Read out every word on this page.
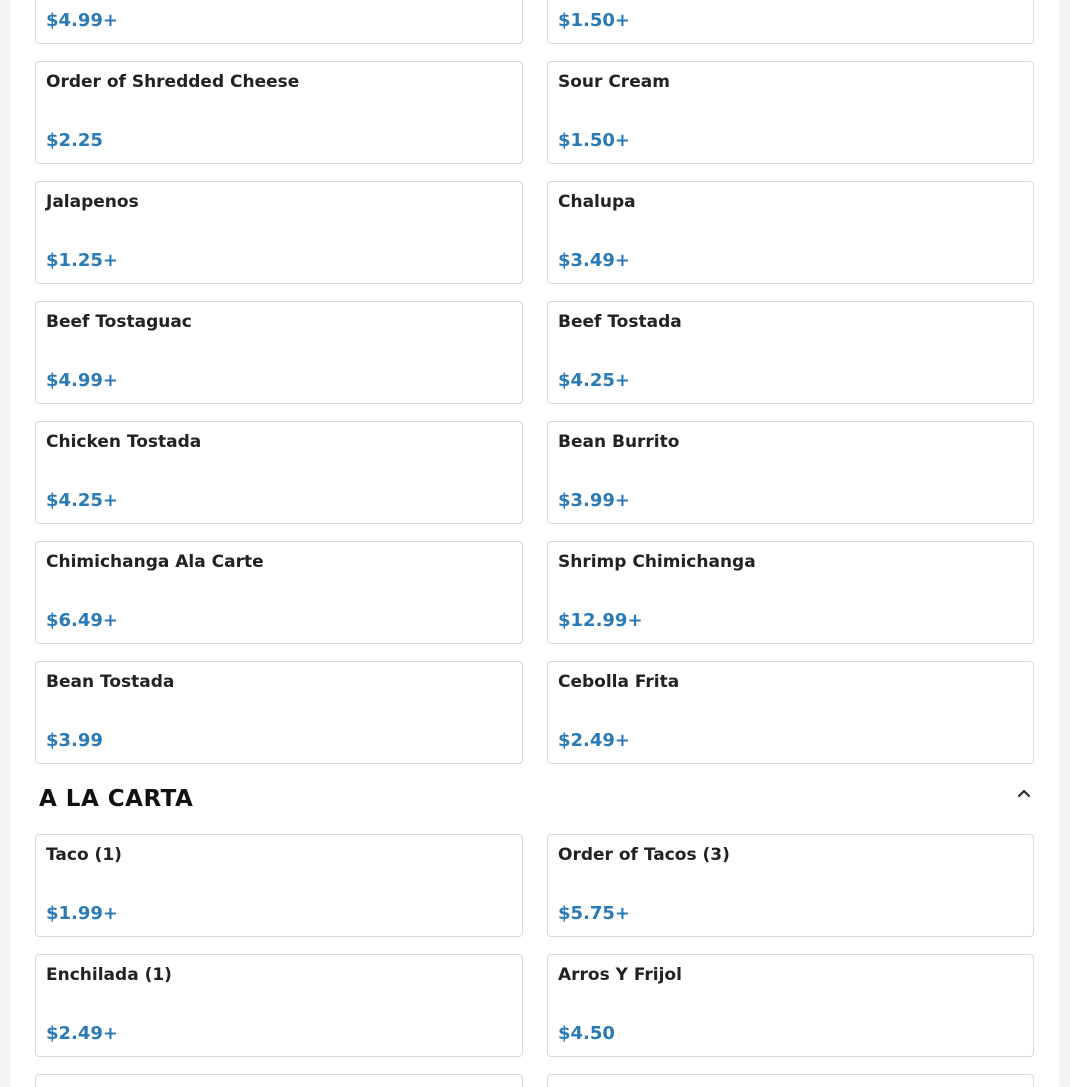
$4.99+	$1.50+
Order of Shredded Cheese
$2.25
Sour Cream
$1.50+
Jalapenos
$1.25+
Chalupa
$3.49+
Beef Tostaguac
$4.99+
Beef Tostada
$4.25+
Chicken Tostada
$4.25+
Bean Burrito
$3.99+
Chimichanga Ala Carte
$6.49+
Shrimp Chimichanga
$12.99+
Bean Tostada
$3.99
Cebolla Frita
$2.49+
A LA CARTA
Taco (1)
$1.99+
Order of Tacos (3)
$5.75+
Enchilada (1)
$2.49+
Arros Y Frijol
$4.50
